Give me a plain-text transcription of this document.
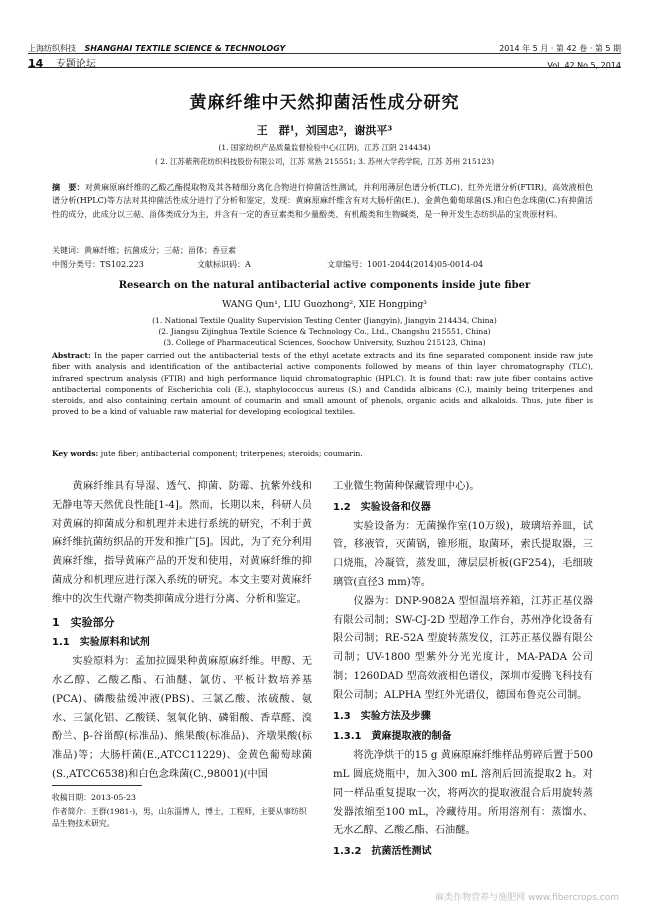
上海纺织科技 SHANGHAI TEXTILE SCIENCE & TECHNOLOGY	2014 年 5 月 · 第 42 卷 · 第 5 期
14 专题论坛	Vol. 42 No.5, 2014
黄麻纤维中天然抑菌活性成分研究
王　群¹，刘国忠²，谢洪平³
(1. 国家纺织产品质量监督检验中心(江阴)，江苏 江阴 214434)
( 2. 江苏紫荆花纺织科技股份有限公司，江苏 常熟 215551; 3. 苏州大学药学院，江苏 苏州 215123)
摘　要：对黄麻原麻纤维的乙酸乙酯提取物及其各精细分离化合物进行抑菌活性测试，并利用薄层色谱分析(TLC)、红外光谱分析(FTIR)、高效液相色谱分析(HPLC)等方法对其抑菌活性成分进行了分析和鉴定，发现：黄麻原麻纤维含有对大肠杆菌(E.)、金黄色葡萄球菌(S.)和白色念珠菌(C.)有抑菌活性的成分，此成分以三萜、甾体类成分为主，并含有一定的香豆素类和少量酚类、有机酸类和生物碱类，是一种开发生态纺织品的宝贵原材料。
关键词：黄麻纤维；抗菌成分；三萜；甾体；香豆素
中图分类号：TS102.223	文献标识码：A	文章编号：1001-2044(2014)05-0014-04
Research on the natural antibacterial active components inside jute fiber
WANG Qun¹, LIU Guozhong², XIE Hongping³
(1. National Textile Quality Supervision Testing Center (Jiangyin), Jiangyin 214434, China)
(2. Jiangsu Zijinghua Textile Science & Technology Co., Ltd., Changshu 215551, China)
(3. College of Pharmaceutical Sciences, Soochow University, Suzhou 215123, China)
Abstract: In the paper carried out the antibacterial tests of the ethyl acetate extracts and its fine separated component inside raw jute fiber with analysis and identification of the antibacterial active components followed by means of thin layer chromatography (TLC), infrared spectrum analysis (FTIR) and high performance liquid chromatographic (HPLC). It is found that: raw jute fiber contains active antibacterial components of Escherichia coli (E.), staphylococcus aureus (S.) and Candida albicans (C.), mainly being triterpenes and steroids, and also containing certain amount of coumarin and small amount of phenols, organic acids and alkaloids. Thus, jute fiber is proved to be a kind of valuable raw material for developing ecological textiles.
Key words: jute fiber; antibacterial component; triterpenes; steroids; coumarin.

黄麻纤维具有导湿、透气、抑菌、防霉、抗紫外线和无静电等天然优良性能[1-4]。然而，长期以来，科研人员对黄麻的抑菌成分和机理并未进行系统的研究，不利于黄麻纤维抗菌纺织品的开发和推广[5]。因此，为了充分利用黄麻纤维，指导黄麻产品的开发和使用，对黄麻纤维的抑菌成分和机理应进行深入系统的研究。本文主要对黄麻纤维中的次生代谢产物类抑菌成分进行分离、分析和鉴定。

1　实验部分
1.1　实验原料和试剂

实验原料为：孟加拉圆果种黄麻原麻纤维。甲醇、无水乙醇、乙酸乙酯、石油醚、氯仿、平板计数培养基(PCA)、磷酸盐缓冲液(PBS)、三氯乙酸、浓硫酸、氨水、三氯化铝、乙酸镁、氢氧化钠、磷钼酸、香草醛、溴酚兰、β-谷甾醇(标准品)、熊果酸(标准品)、齐墩果酸(标准品)等；大肠杆菌(E.,ATCC11229)、金黄色葡萄球菌(S.,ATCC6538)和白色念珠菌(C.,98001)(中国

收稿日期：2013-05-23
作者简介：王群(1981-)，男，山东淄博人，博士，工程师，主要从事纺织品生物技术研究。

工业微生物菌种保藏管理中心)。

1.2　实验设备和仪器

实验设备为：无菌操作室(10万级)，玻璃培养皿，试管，移液管，灭菌锅，锥形瓶，取菌环，索氏提取器，三口烧瓶，冷凝管，蒸发皿，薄层层析板(GF254)，毛细玻璃管(直径3 mm)等。

仪器为：DNP-9082A 型恒温培养箱，江苏正基仪器有限公司制；SW-CJ-2D 型超净工作台，苏州净化设备有限公司制；RE-52A 型旋转蒸发仪，江苏正基仪器有限公司制；UV-1800 型紫外分光光度计，MA-PADA 公司制；1260DAD 型高效液相色谱仪，深圳市爱腾飞科技有限公司制；ALPHA 型红外光谱仪，德国布鲁克公司制。

1.3　实验方法及步骤
1.3.1　黄麻提取液的制备

将洗净烘干的15 g 黄麻原麻纤维样品剪碎后置于500 mL 圆底烧瓶中，加入300 mL 溶剂后回流提取2 h。对同一样品重复提取一次，将两次的提取液混合后用旋转蒸发器浓缩至100 mL，冷藏待用。所用溶剂有：蒸馏水、无水乙醇、乙酸乙酯、石油醚。

1.3.2　抗菌活性测试
麻类作物营养与施肥网 www.fibercrops.com
